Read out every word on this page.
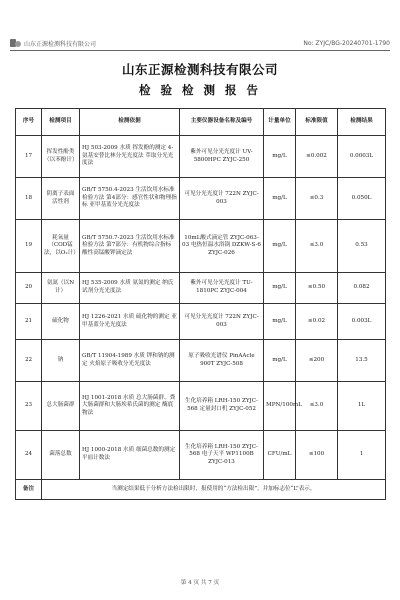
山东正源检测科技有限公司	No: ZYJC/BG-20240701-1790
山东正源检测科技有限公司
检 验 检 测 报 告
序号	检测项目	检测依据	主要仪器设备名称及编号	计量单位	标准限值	检测结果
17	挥发性酚类（以苯酚计）	HJ 503-2009 水质 挥发酚的测定 4-氨基安替比林分光光度法 萃取分光光度法	紫外可见分光光度计 UV-5800HPC ZYJC-250	mg/L	≤0.002	0.0003L
18	阴离子表面活性剂	GB/T 5750.4-2023 生活饮用水标准检验方法 第4部分：感官性状和物理指标 亚甲基蓝分光光度法	可见分光光度计 722N ZYJC-003	mg/L	≤0.3	0.050L
19	耗氧量（COD锰法，以O₂计）	GB/T 5750.7-2023 生活饮用水标准检验方法 第7部分：有机物综合指标 酸性高锰酸钾滴定法	10mL酸式滴定管 ZYJC-063-03 电热恒温水浴锅 DZKW-S-6 ZYJC-026	mg/L	≤3.0	0.53
20	氨氮（以N计）	HJ 535-2009 水质 氨氮的测定 纳氏试剂分光光度法	紫外可见分光光度计 TU-1810PC ZYJC-004	mg/L	≤0.50	0.082
21	硫化物	HJ 1226-2021 水质 硫化物的测定 亚甲基蓝分光光度法	可见分光光度计 722N ZYJC-003	mg/L	≤0.02	0.003L
22	钠	GB/T 11904-1989 水质 钾和钠的测定 火焰原子吸收分光光度法	原子吸收光谱仪 PinAAcle 900T ZYJC-508	mg/L	≤200	13.5
23	总大肠菌群	HJ 1001-2018 水质 总大肠菌群、粪大肠菌群和大肠埃希氏菌的测定 酶底物法	生化培养箱 LRH-150 ZYJC-568 定量封口机 ZYJC-052	MPN/100mL	≤3.0	1L
24	菌落总数	HJ 1000-2018 水质 细菌总数的测定 平皿计数法	生化培养箱 LRH-150 ZYJC-568 电子天平 WP1100B ZYJC-013	CFU/mL	≤100	1
备注	当测定结果低于分析方法检出限时，报使用的“方法检出限”，并加标志位“L”表示。					
第 4 页 共 7 页
